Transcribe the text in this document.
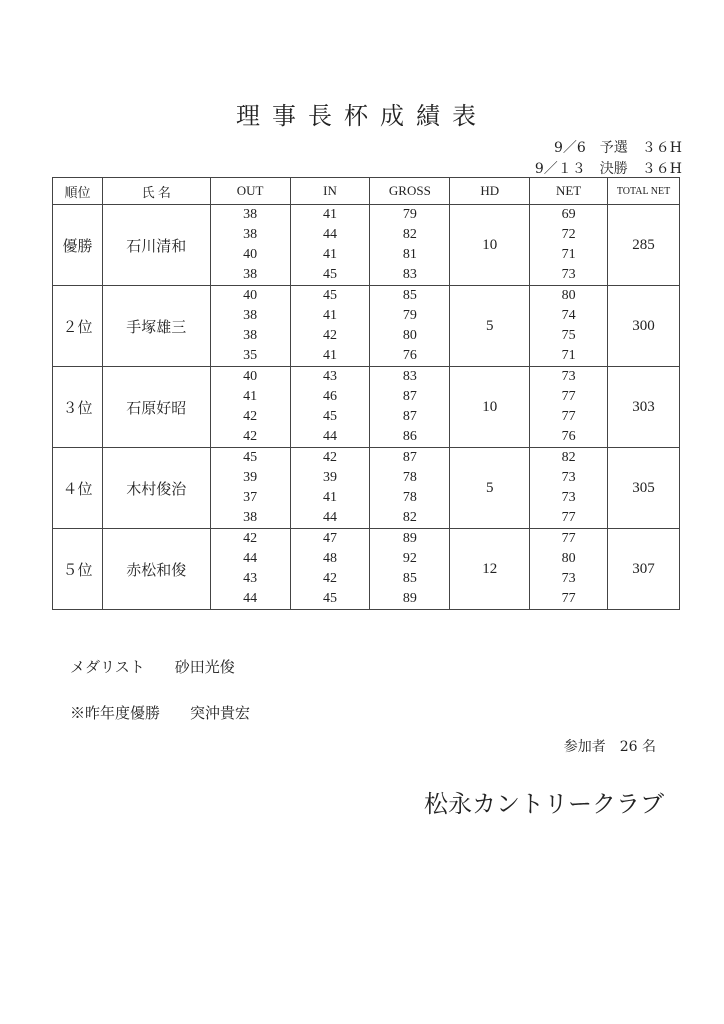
理事長杯成績表
9／6　 予選　 ３６H
9／１３　 決勝　 ３６H
順位	氏 名	OUT	IN	GROSS	HD	NET	TOTAL NET
優勝	石川清和	38	41	79	10	69	285
		38	44	82		72	
		40	41	81		71	
		38	45	83		73	
２位	手塚雄三	40	45	85	5	80	300
		38	41	79		74	
		38	42	80		75	
		35	41	76		71	
３位	石原好昭	40	43	83	10	73	303
		41	46	87		77	
		42	45	87		77	
		42	44	86		76	
４位	木村俊治	45	42	87	5	82	305
		39	39	78		73	
		37	41	78		73	
		38	44	82		77	
５位	赤松和俊	42	47	89	12	77	307
		44	48	92		80	
		43	42	85		73	
		44	45	89		77	
メダリスト 砂田光俊
※昨年度優勝 突沖貴宏
参加者　26 名
松永カントリークラブ
